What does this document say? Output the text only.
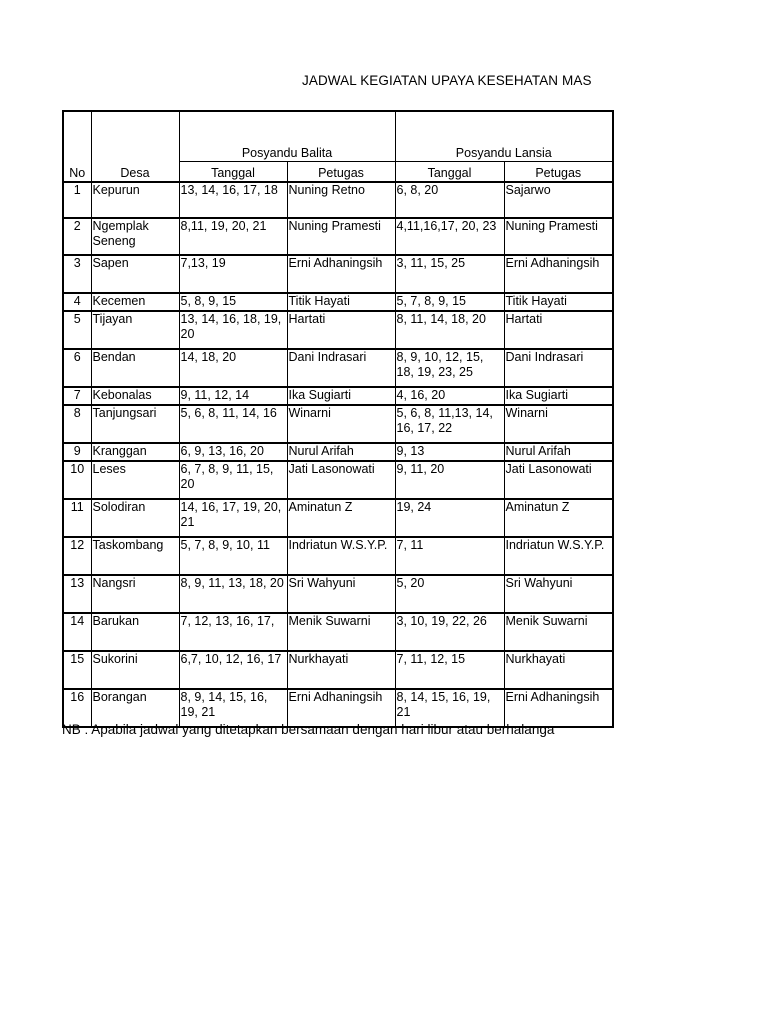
JADWAL KEGIATAN UPAYA KESEHATAN MAS

		Posyandu Balita		Posyandu Lansia	
No	Desa	Tanggal	Petugas	Tanggal	Petugas
1	Kepurun	13, 14, 16, 17, 18	Nuning Retno	6, 8, 20	Sajarwo
2	Ngemplak Seneng	8,11, 19, 20, 21	Nuning Pramesti	4,11,16,17, 20, 23	Nuning Pramesti
3	Sapen	7,13, 19	Erni Adhaningsih	3, 11, 15, 25	Erni Adhaningsih
4	Kecemen	5, 8, 9, 15	Titik Hayati	5, 7, 8, 9, 15	Titik Hayati
5	Tijayan	13, 14, 16, 18, 19, 20	Hartati	8, 11, 14, 18, 20	Hartati
6	Bendan	14, 18, 20	Dani Indrasari	8, 9, 10, 12, 15, 18, 19, 23, 25	Dani Indrasari
7	Kebonalas	9, 11, 12, 14	Ika Sugiarti	4, 16, 20	Ika Sugiarti
8	Tanjungsari	5, 6, 8, 11, 14, 16	Winarni	5, 6, 8, 11,13, 14, 16, 17, 22	Winarni
9	Kranggan	6, 9, 13, 16, 20	Nurul Arifah	9, 13	Nurul Arifah
10	Leses	6, 7, 8, 9, 11, 15, 20	Jati Lasonowati	9, 11, 20	Jati Lasonowati
11	Solodiran	14, 16, 17, 19, 20, 21	Aminatun Z	19, 24	Aminatun Z
12	Taskombang	5, 7, 8, 9, 10, 11	Indriatun W.S.Y.P.	7, 11	Indriatun W.S.Y.P.
13	Nangsri	8, 9, 11, 13, 18, 20	Sri Wahyuni	5, 20	Sri Wahyuni
14	Barukan	7, 12, 13, 16, 17,	Menik Suwarni	3, 10, 19, 22, 26	Menik Suwarni
15	Sukorini	6,7, 10, 12, 16, 17	Nurkhayati	7, 11, 12, 15	Nurkhayati
16	Borangan	8, 9, 14, 15, 16, 19, 21	Erni Adhaningsih	8, 14, 15, 16, 19, 21	Erni Adhaningsih
NB : Apabila jadwal yang ditetapkan bersamaan dengan hari libur atau berhalanga
